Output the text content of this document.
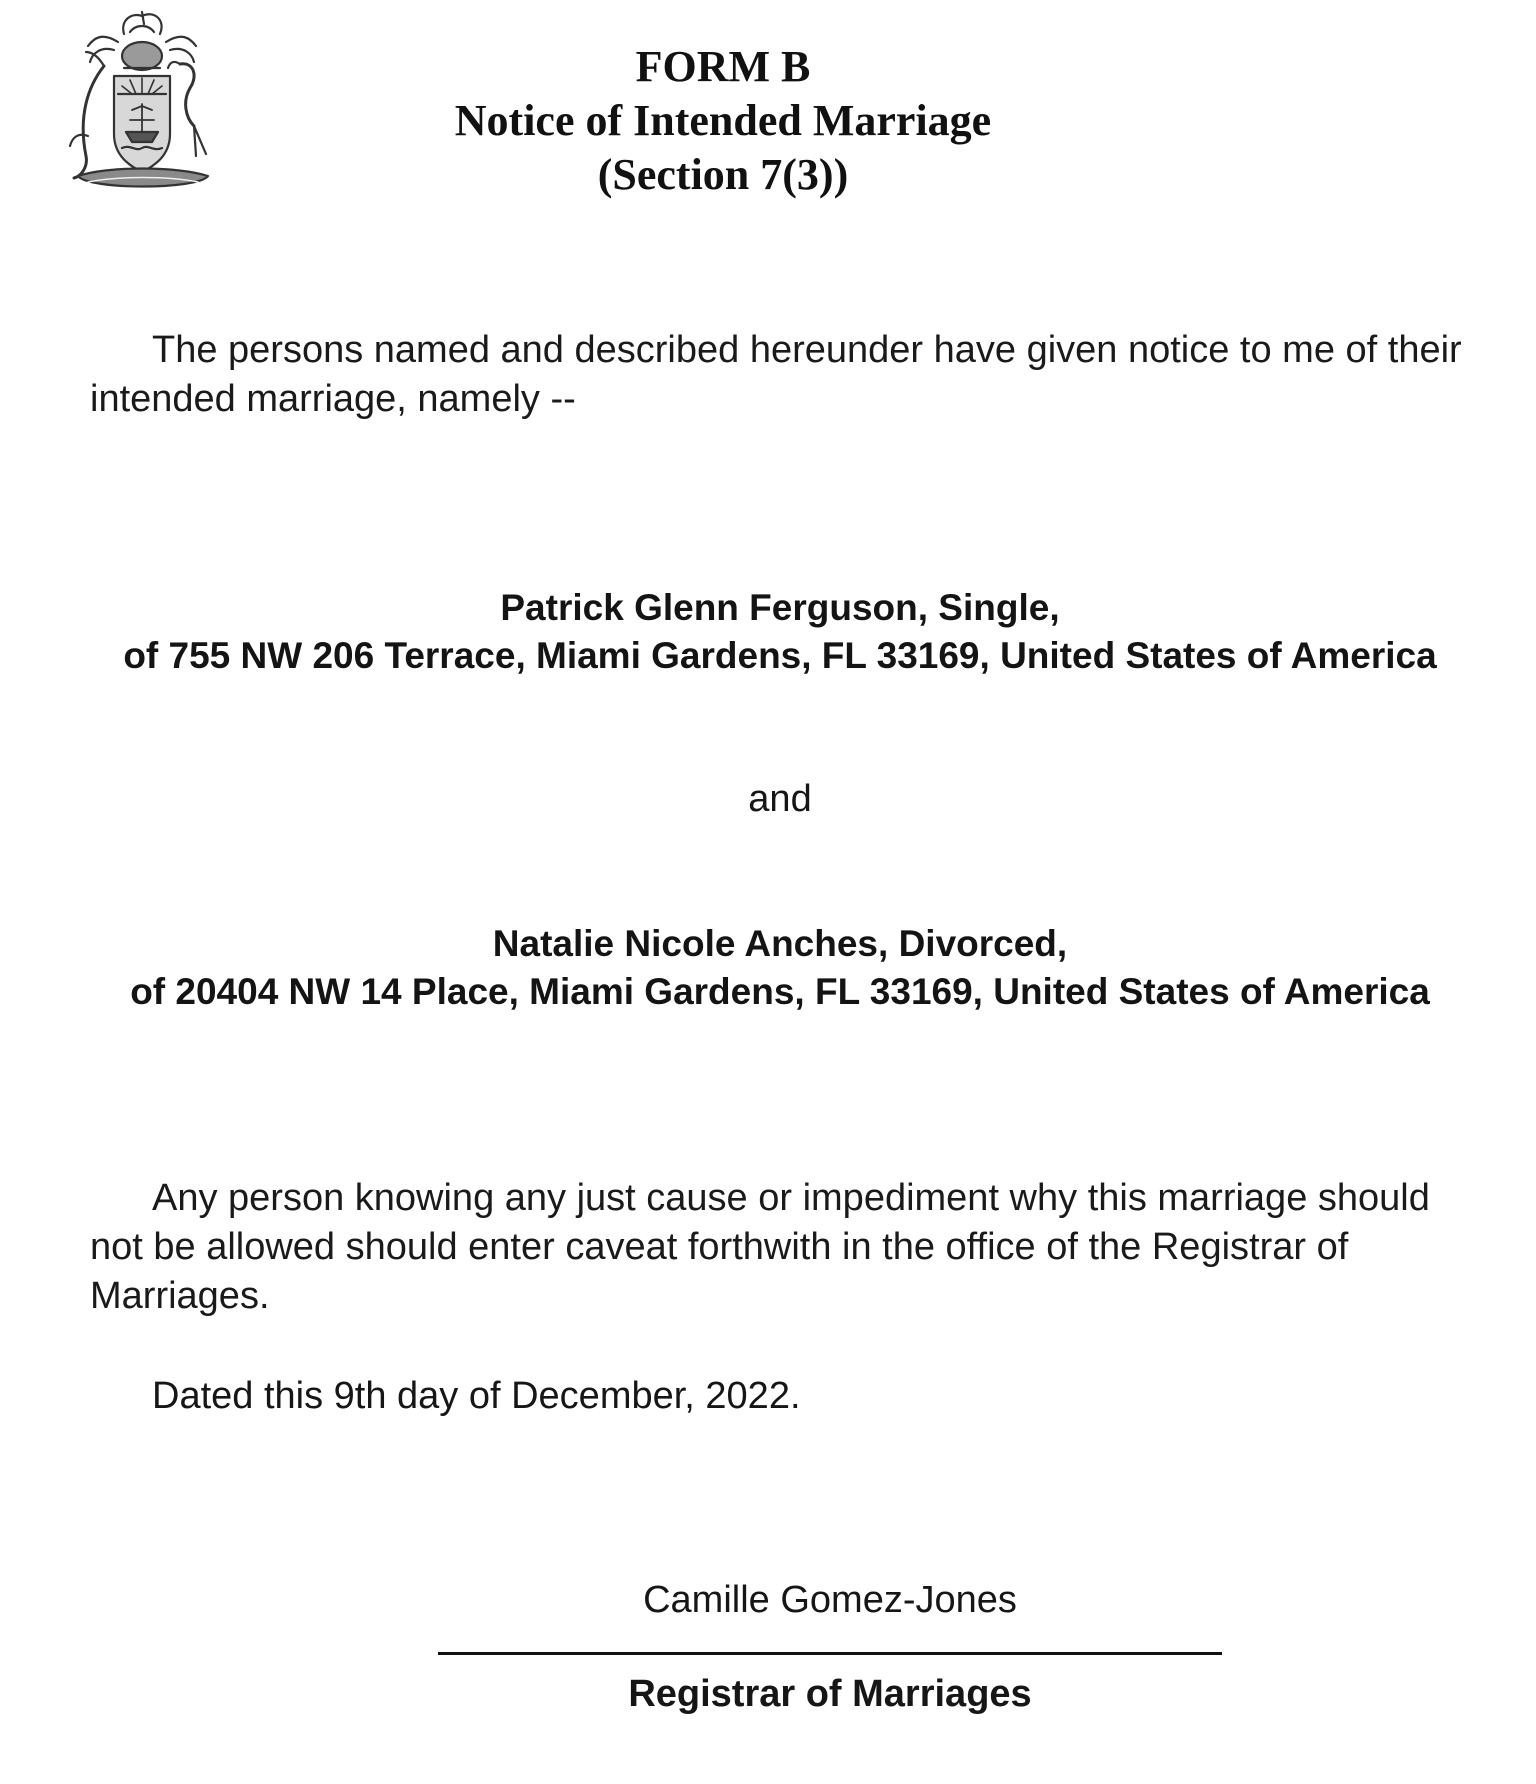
FORM B
Notice of Intended Marriage
(Section 7(3))
The persons named and described hereunder have given notice to me of their intended marriage, namely --
Patrick Glenn Ferguson, Single,
of 755 NW 206 Terrace, Miami Gardens, FL 33169, United States of America
and
Natalie Nicole Anches, Divorced,
of 20404 NW 14 Place, Miami Gardens, FL 33169, United States of America
Any person knowing any just cause or impediment why this marriage should not be allowed should enter caveat forthwith in the office of the Registrar of Marriages.
Dated this 9th day of December, 2022.
Camille Gomez-Jones
Registrar of Marriages
